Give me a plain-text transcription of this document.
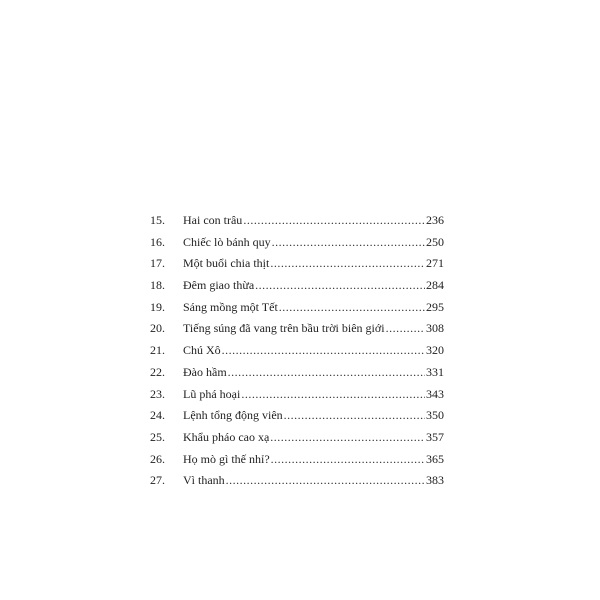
15.	Hai con trâu .....	236
16.	Chiếc lò bánh quy .....	250
17.	Một buổi chia thịt .....	271
18.	Đêm giao thừa .....	284
19.	Sáng mồng một Tết .....	295
20.	Tiếng súng đã vang trên bầu trời biên giới .....	308
21.	Chú Xô .....	320
22.	Đào hầm .....	331
23.	Lũ phá hoại .....	343
24.	Lệnh tổng động viên .....	350
25.	Khẩu pháo cao xạ .....	357
26.	Họ mò gì thế nhỉ? .....	365
27.	Vì thanh .....	383
